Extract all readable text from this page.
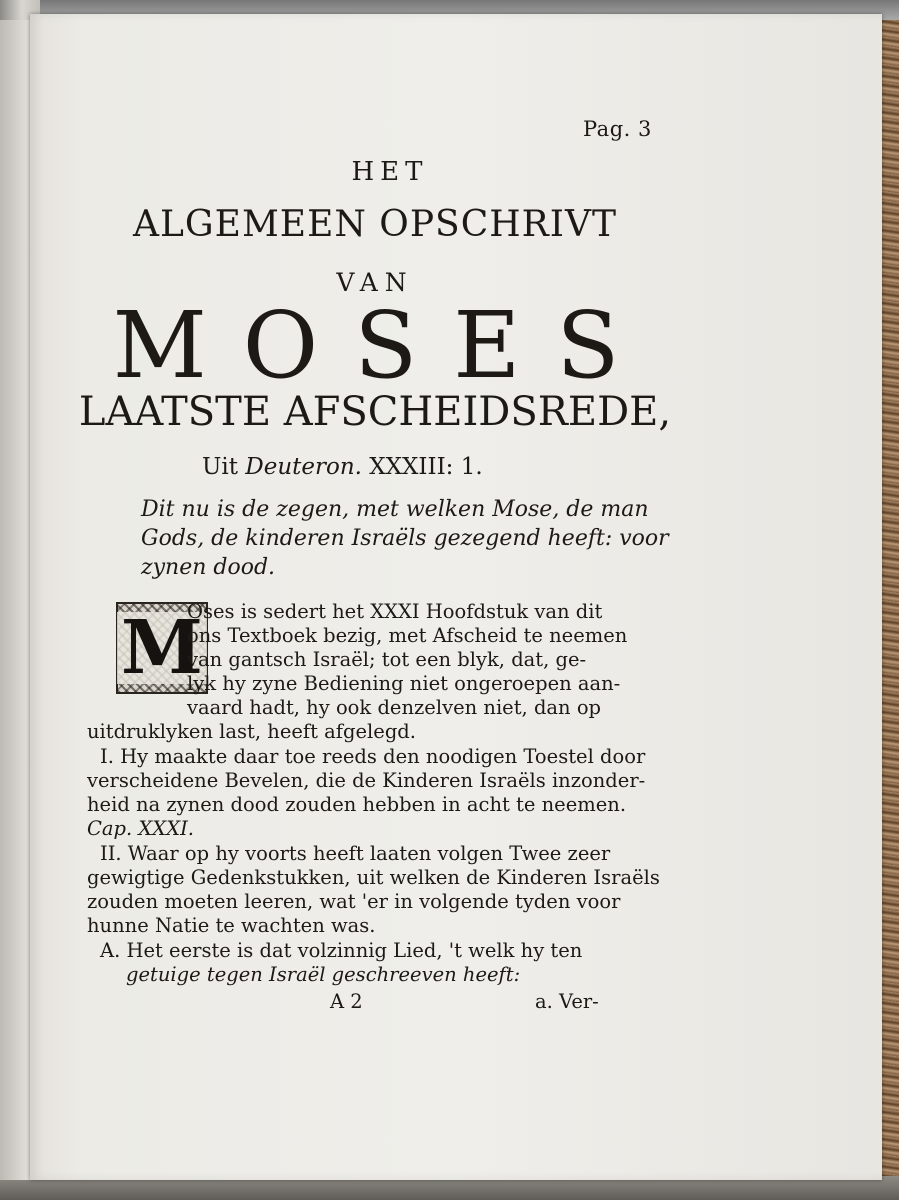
Pag. 3
HET
ALGEMEEN OPSCHRIVT
VAN
MOSES
LAATSTE AFSCHEIDSREDE,
Uit Deuteron. XXXIII: 1.
Dit nu is de zegen, met welken Mose, de man
Gods, de kinderen Israëls gezegend heeft: voor
zynen dood.
M
Oses is sedert het XXXI Hoofdstuk van dit
ons Textboek bezig, met Afscheid te neemen
van gantsch Israël; tot een blyk, dat, ge-
lyk hy zyne Bediening niet ongeroepen aan-
vaard hadt, hy ook denzelven niet, dan op
uitdruklyken last, heeft afgelegd.
I. Hy maakte daar toe reeds den noodigen Toestel door
verscheidene Bevelen, die de Kinderen Israëls inzonder-
heid na zynen dood zouden hebben in acht te neemen.
Cap. XXXI.
II. Waar op hy voorts heeft laaten volgen Twee zeer
gewigtige Gedenkstukken, uit welken de Kinderen Israëls
zouden moeten leeren, wat 'er in volgende tyden voor
hunne Natie te wachten was.
A. Het eerste is dat volzinnig Lied, 't welk hy ten
getuige tegen Israël geschreeven heeft:
A 2	a. Ver-
